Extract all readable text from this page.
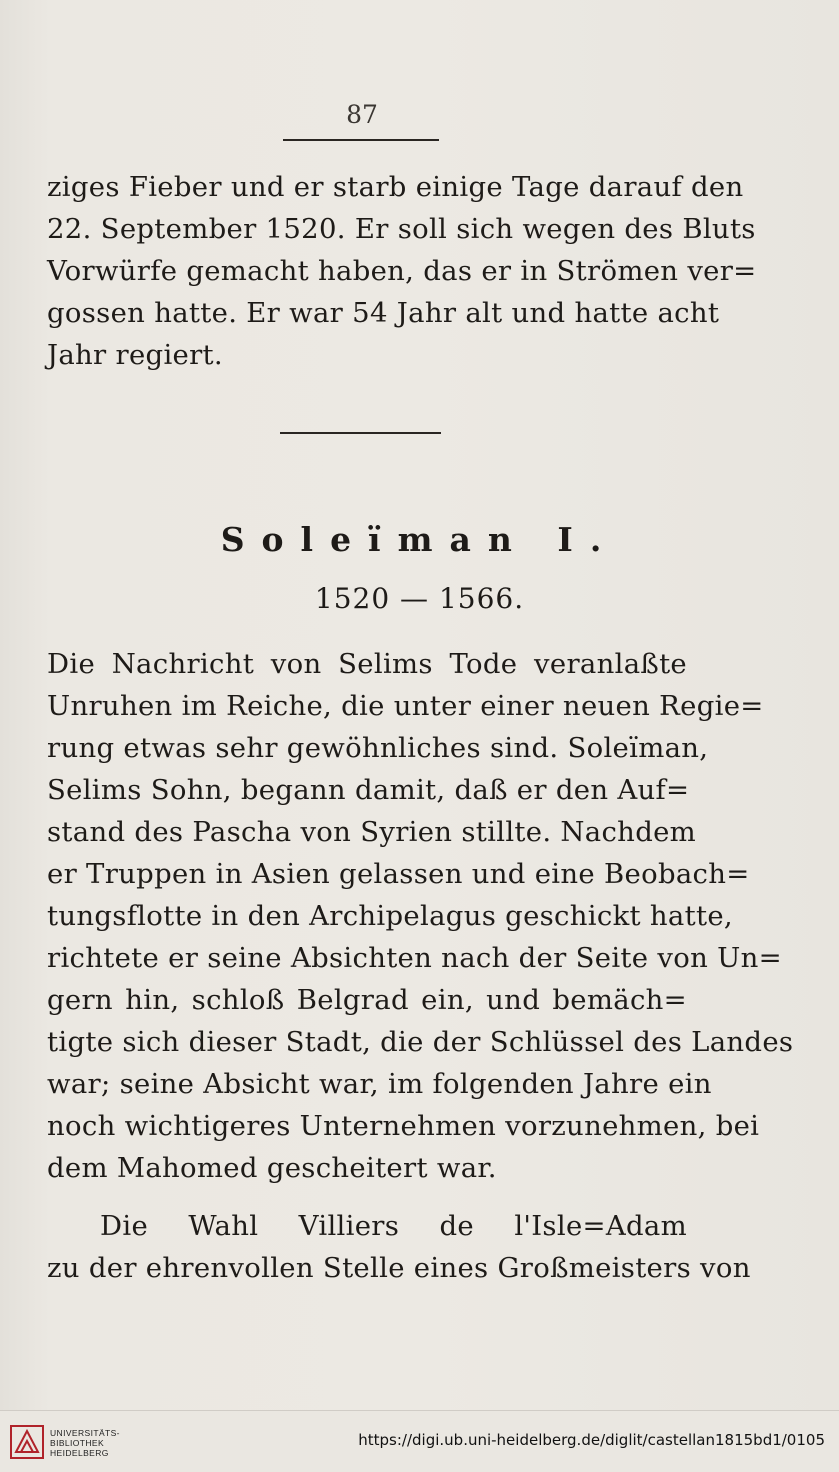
87
ziges Fieber und er starb einige Tage darauf den
22. September 1520. Er soll sich wegen des Bluts
Vorwürfe gemacht haben, das er in Strömen ver=
gossen hatte. Er war 54 Jahr alt und hatte acht
Jahr regiert.
Soleïman I.
1520 — 1566.
Die Nachricht von Selims Tode veranlaßte
Unruhen im Reiche, die unter einer neuen Regie=
rung etwas sehr gewöhnliches sind. Soleïman,
Selims Sohn, begann damit, daß er den Auf=
stand des Pascha von Syrien stillte. Nachdem
er Truppen in Asien gelassen und eine Beobach=
tungsflotte in den Archipelagus geschickt hatte,
richtete er seine Absichten nach der Seite von Un=
gern hin, schloß Belgrad ein, und bemäch=
tigte sich dieser Stadt, die der Schlüssel des Landes
war; seine Absicht war, im folgenden Jahre ein
noch wichtigeres Unternehmen vorzunehmen, bei
dem Mahomed gescheitert war.
Die Wahl Villiers de l'Isle=Adam
zu der ehrenvollen Stelle eines Großmeisters von
UNIVERSITÄTS-
BIBLIOTHEK
HEIDELBERG
https://digi.ub.uni-heidelberg.de/diglit/castellan1815bd1/0105
